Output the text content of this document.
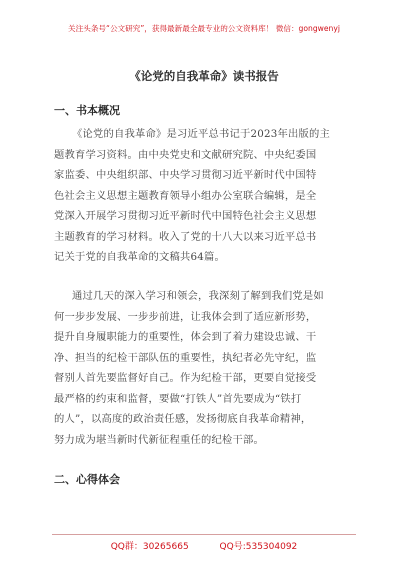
关注头条号“公文研究”，获得最新最全最专业的公文资料库！ 微信：gongwenyj
《论党的自我革命》读书报告
一、书本概况
《论党的自我革命》是习近平总书记于2023年出版的主
题教育学习资料。由中央党史和文献研究院、中央纪委国
家监委、中央组织部、中央学习贯彻习近平新时代中国特
色社会主义思想主题教育领导小组办公室联合编辑，是全
党深入开展学习贯彻习近平新时代中国特色社会主义思想
主题教育的学习材料。收入了党的十八大以来习近平总书
记关于党的自我革命的文稿共64篇。
通过几天的深入学习和领会，我深刻了解到我们党是如
何一步步发展、一步步前进，让我体会到了适应新形势，
提升自身履职能力的重要性，体会到了着力建设忠诚、干
净、担当的纪检干部队伍的重要性，执纪者必先守纪，监
督别人首先要监督好自己。作为纪检干部，更要自觉接受
最严格的约束和监督，要做“打铁人”首先要成为“铁打
的人”，以高度的政治责任感，发扬彻底自我革命精神，
努力成为堪当新时代新征程重任的纪检干部。
二、心得体会
QQ群：30265665	QQ号:535304092
